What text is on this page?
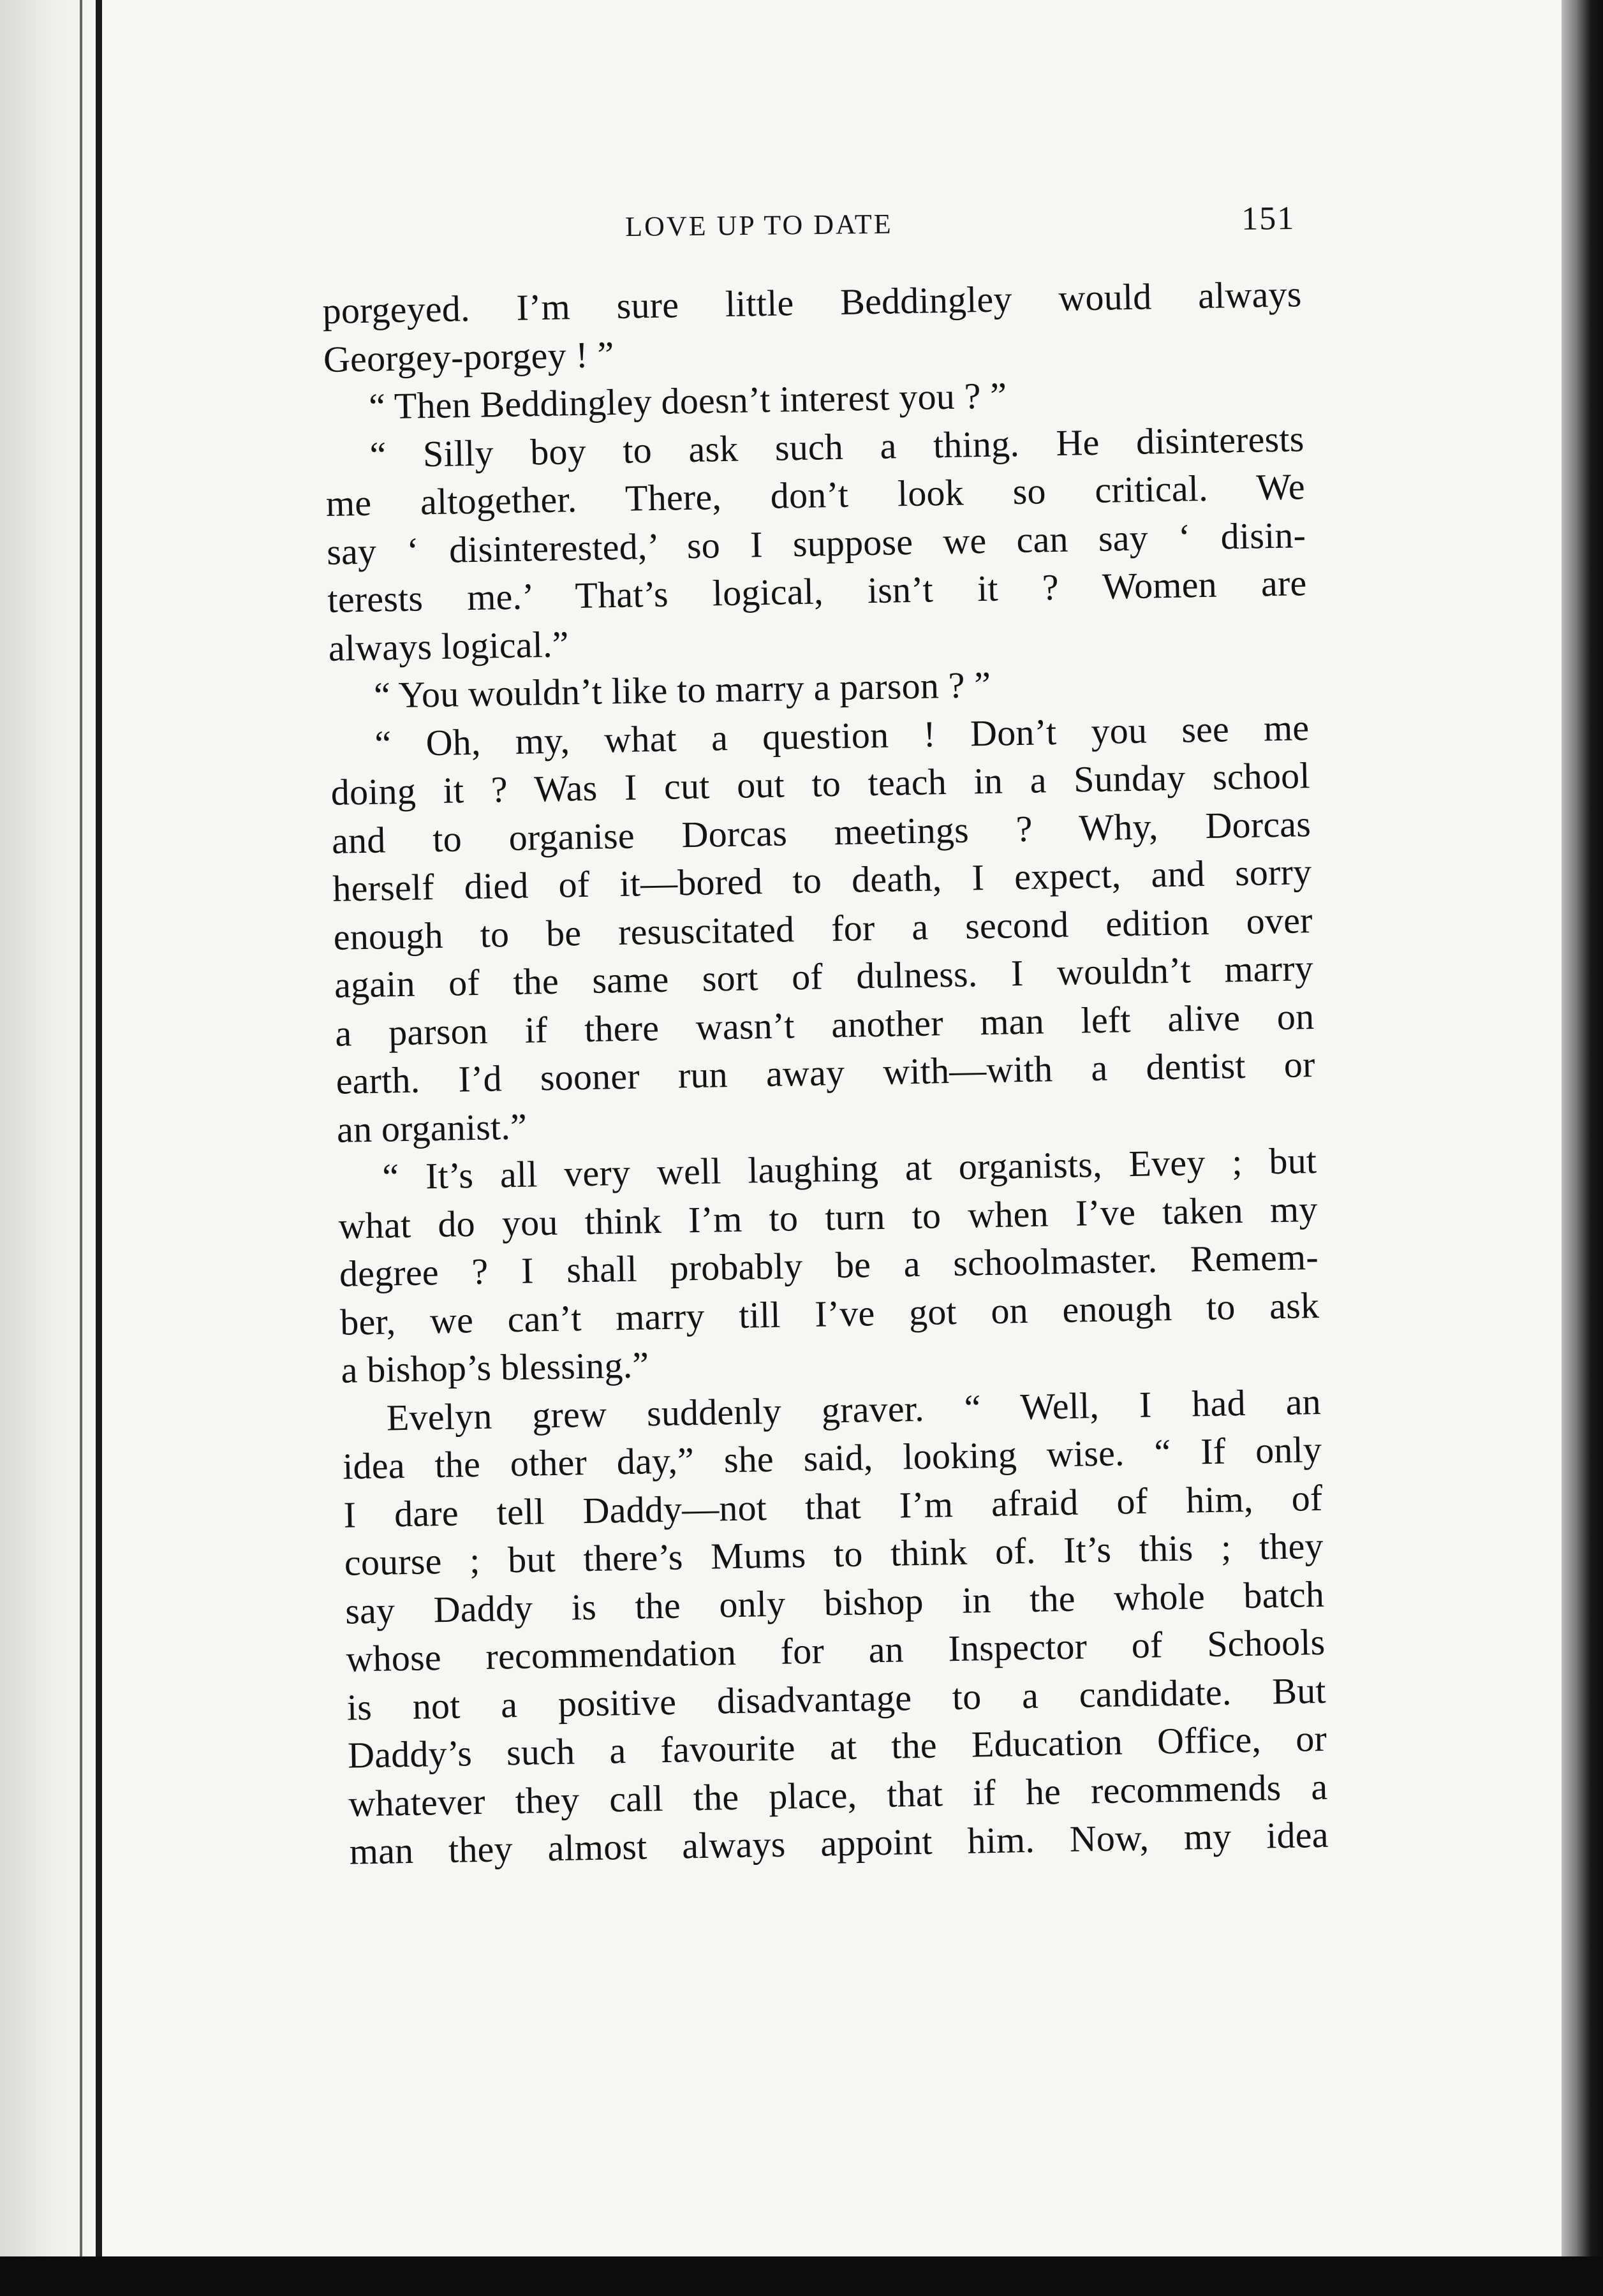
LOVE UP TO DATE	151
porgeyed. I’m sure little Beddingley would always
Georgey-porgey ! ”
“ Then Beddingley doesn’t interest you ? ”
“ Silly boy to ask such a thing. He disinterests
me altogether. There, don’t look so critical. We
say ‘ disinterested,’ so I suppose we can say ‘ disin-
terests me.’ That’s logical, isn’t it ? Women are
always logical.”
“ You wouldn’t like to marry a parson ? ”
“ Oh, my, what a question ! Don’t you see me
doing it ? Was I cut out to teach in a Sunday school
and to organise Dorcas meetings ? Why, Dorcas
herself died of it—bored to death, I expect, and sorry
enough to be resuscitated for a second edition over
again of the same sort of dulness. I wouldn’t marry
a parson if there wasn’t another man left alive on
earth. I’d sooner run away with—with a dentist or
an organist.”
“ It’s all very well laughing at organists, Evey ; but
what do you think I’m to turn to when I’ve taken my
degree ? I shall probably be a schoolmaster. Remem-
ber, we can’t marry till I’ve got on enough to ask
a bishop’s blessing.”
Evelyn grew suddenly graver. “ Well, I had an
idea the other day,” she said, looking wise. “ If only
I dare tell Daddy—not that I’m afraid of him, of
course ; but there’s Mums to think of. It’s this ; they
say Daddy is the only bishop in the whole batch
whose recommendation for an Inspector of Schools
is not a positive disadvantage to a candidate. But
Daddy’s such a favourite at the Education Office, or
whatever they call the place, that if he recommends a
man they almost always appoint him. Now, my idea
